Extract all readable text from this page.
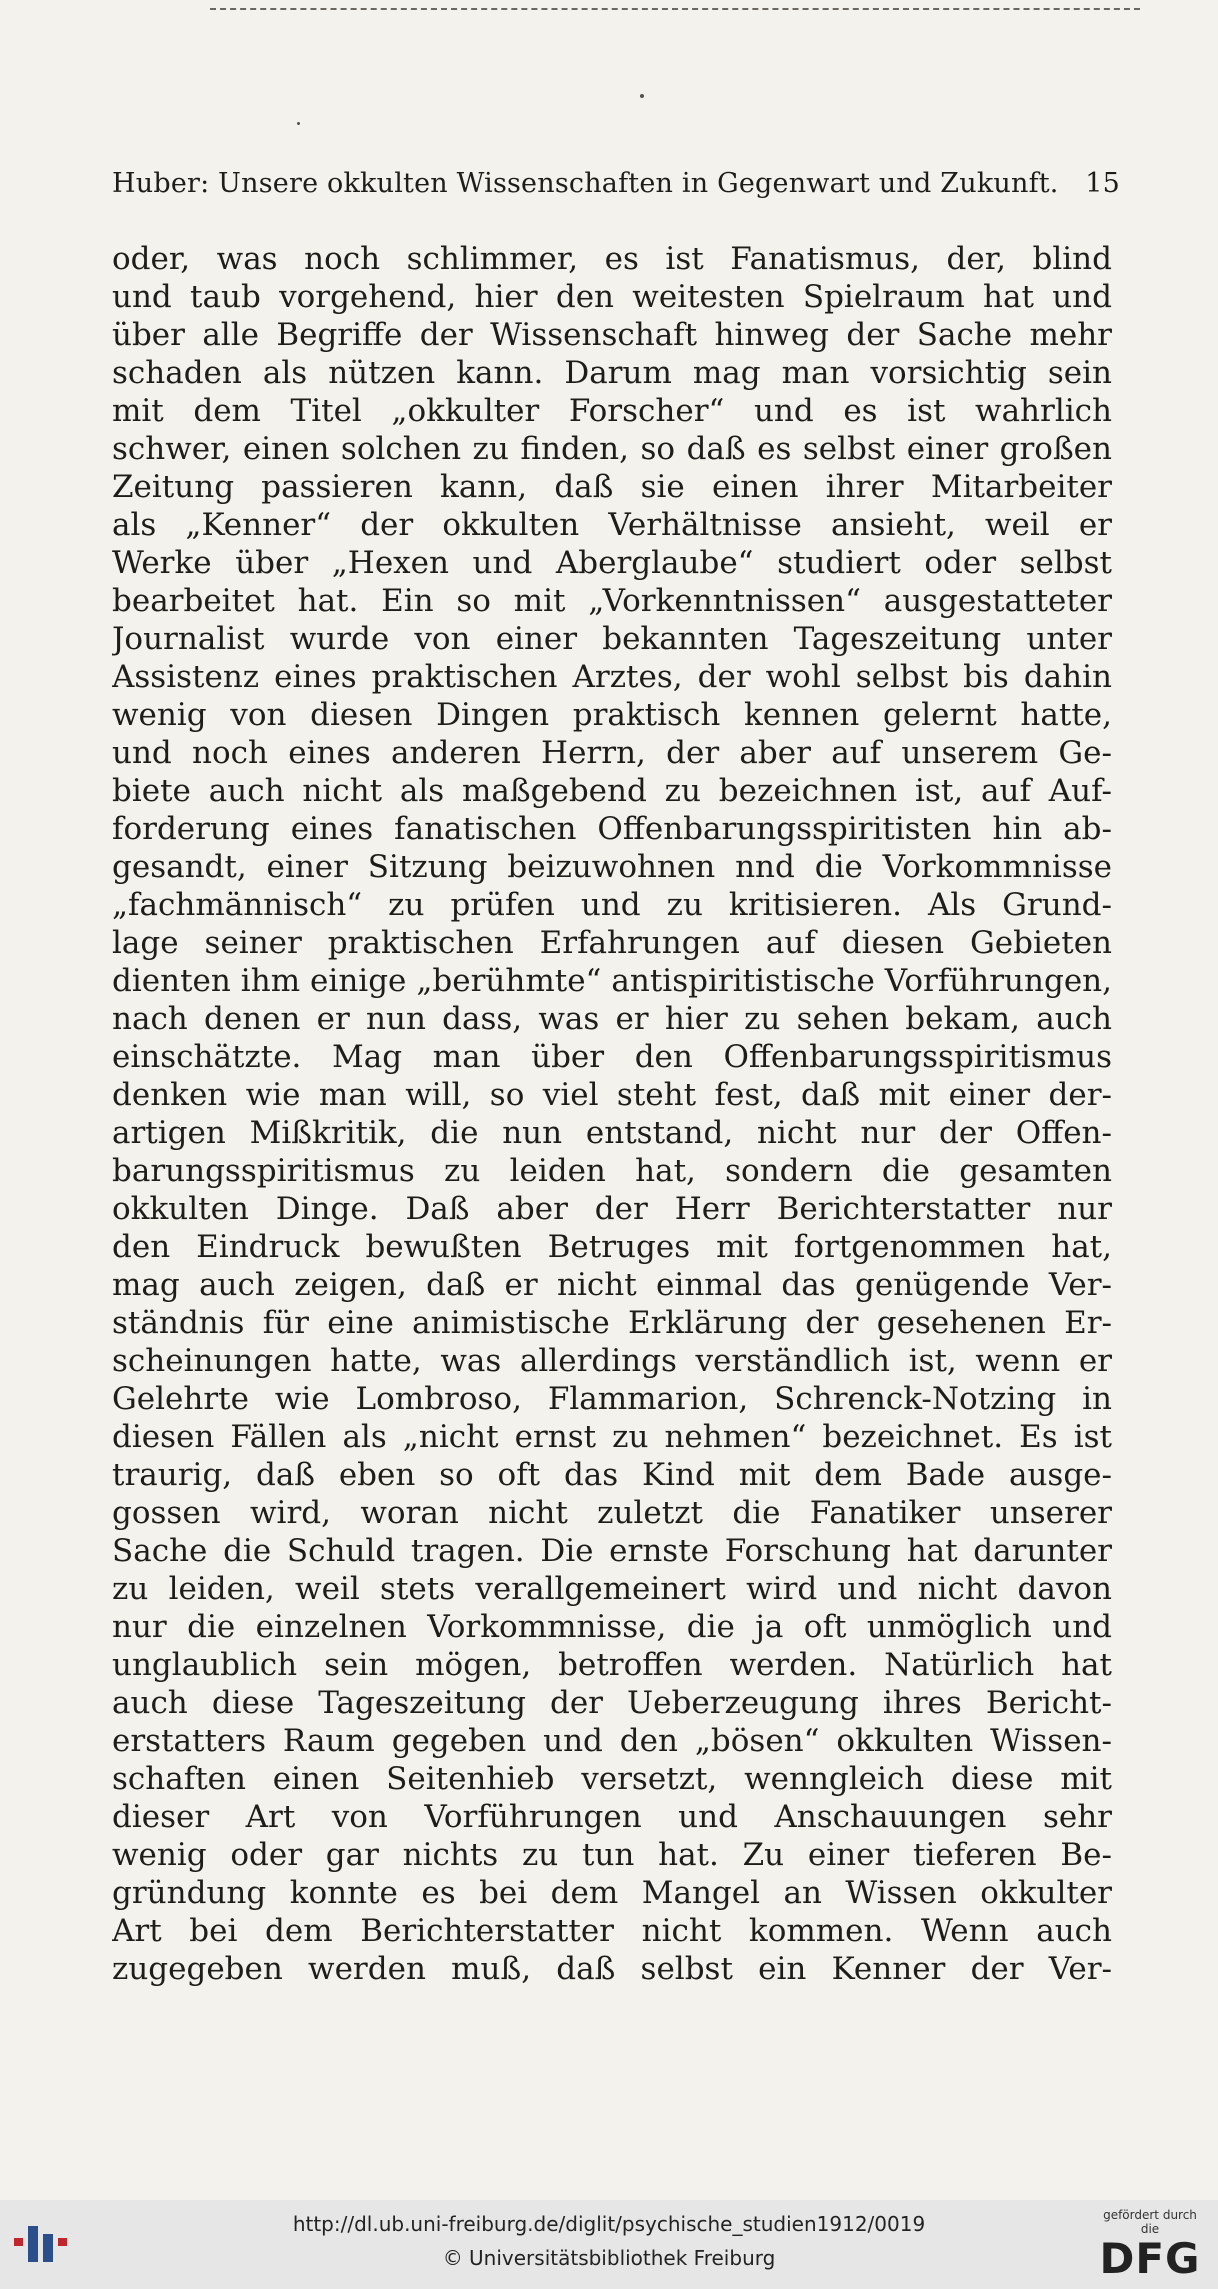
Huber: Unsere okkulten Wissenschaften in Gegenwart und Zukunft. 15
oder, was noch schlimmer, es ist Fanatismus, der, blind
und taub vorgehend, hier den weitesten Spielraum hat und
über alle Begriffe der Wissenschaft hinweg der Sache mehr
schaden als nützen kann. Darum mag man vorsichtig sein
mit dem Titel „okkulter Forscher“ und es ist wahrlich
schwer, einen solchen zu finden, so daß es selbst einer großen
Zeitung passieren kann, daß sie einen ihrer Mitarbeiter
als „Kenner“ der okkulten Verhältnisse ansieht, weil er
Werke über „Hexen und Aberglaube“ studiert oder selbst
bearbeitet hat. Ein so mit „Vorkenntnissen“ ausgestatteter
Journalist wurde von einer bekannten Tageszeitung unter
Assistenz eines praktischen Arztes, der wohl selbst bis dahin
wenig von diesen Dingen praktisch kennen gelernt hatte,
und noch eines anderen Herrn, der aber auf unserem Ge-
biete auch nicht als maßgebend zu bezeichnen ist, auf Auf-
forderung eines fanatischen Offenbarungsspiritisten hin ab-
gesandt, einer Sitzung beizuwohnen nnd die Vorkommnisse
„fachmännisch“ zu prüfen und zu kritisieren. Als Grund-
lage seiner praktischen Erfahrungen auf diesen Gebieten
dienten ihm einige „berühmte“ antispiritistische Vorführungen,
nach denen er nun dass, was er hier zu sehen bekam, auch
einschätzte. Mag man über den Offenbarungsspiritismus
denken wie man will, so viel steht fest, daß mit einer der-
artigen Mißkritik, die nun entstand, nicht nur der Offen-
barungsspiritismus zu leiden hat, sondern die gesamten
okkulten Dinge. Daß aber der Herr Berichterstatter nur
den Eindruck bewußten Betruges mit fortgenommen hat,
mag auch zeigen, daß er nicht einmal das genügende Ver-
ständnis für eine animistische Erklärung der gesehenen Er-
scheinungen hatte, was allerdings verständlich ist, wenn er
Gelehrte wie Lombroso, Flammarion, Schrenck-Notzing in
diesen Fällen als „nicht ernst zu nehmen“ bezeichnet. Es ist
traurig, daß eben so oft das Kind mit dem Bade ausge-
gossen wird, woran nicht zuletzt die Fanatiker unserer
Sache die Schuld tragen. Die ernste Forschung hat darunter
zu leiden, weil stets verallgemeinert wird und nicht davon
nur die einzelnen Vorkommnisse, die ja oft unmöglich und
unglaublich sein mögen, betroffen werden. Natürlich hat
auch diese Tageszeitung der Ueberzeugung ihres Bericht-
erstatters Raum gegeben und den „bösen“ okkulten Wissen-
schaften einen Seitenhieb versetzt, wenngleich diese mit
dieser Art von Vorführungen und Anschauungen sehr
wenig oder gar nichts zu tun hat. Zu einer tieferen Be-
gründung konnte es bei dem Mangel an Wissen okkulter
Art bei dem Berichterstatter nicht kommen. Wenn auch
zugegeben werden muß, daß selbst ein Kenner der Ver-
http://dl.ub.uni-freiburg.de/diglit/psychische_studien1912/0019
© Universitätsbibliothek Freiburg
gefördert durch die
DFG
